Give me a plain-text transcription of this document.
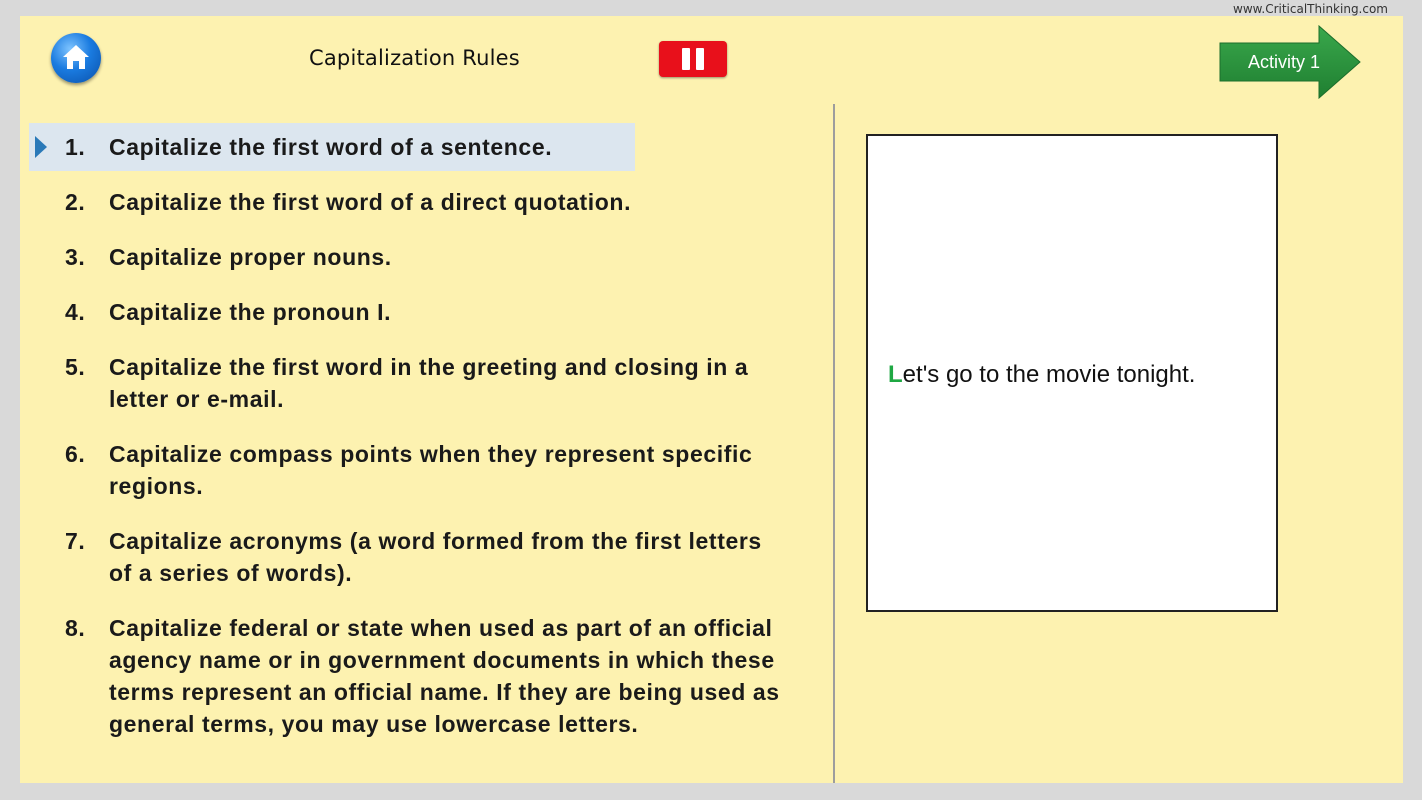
www.CriticalThinking.com
Capitalization Rules	Activity 1
1.	Capitalize the first word of a sentence.
2.	Capitalize the first word of a direct quotation.
3.	Capitalize proper nouns.
4.	Capitalize the pronoun I.
5.	Capitalize the first word in the greeting and closing in a letter or e-mail.
6.	Capitalize compass points when they represent specific regions.
7.	Capitalize acronyms (a word formed from the first letters of a series of words).
8.	Capitalize federal or state when used as part of an official agency name or in government documents in which these terms represent an official name. If they are being used as general terms, you may use lowercase letters.
Let's go to the movie tonight.
